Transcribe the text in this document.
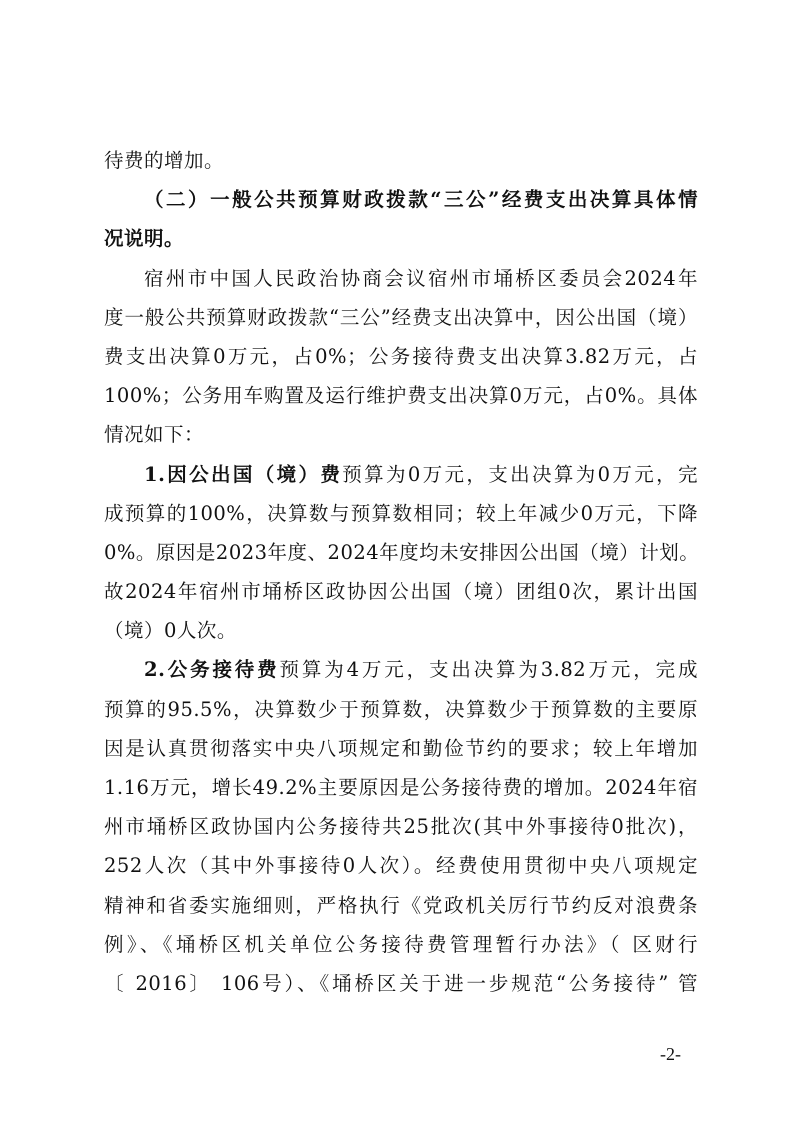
待费的增加。
（二）一般公共预算财政拨款“三公”经费支出决算具体情
况说明。
宿州市中国人民政治协商会议宿州市埇桥区委员会2024年
度一般公共预算财政拨款“三公”经费支出决算中，因公出国（境）
费支出决算0万元，占0%；公务接待费支出决算3.82万元，占
100%；公务用车购置及运行维护费支出决算0万元，占0%。具体
情况如下：
1.因公出国（境）费预算为0万元，支出决算为0万元，完
成预算的100%，决算数与预算数相同；较上年减少0万元，下降
0%。原因是2023年度、2024年度均未安排因公出国（境）计划。
故2024年宿州市埇桥区政协因公出国（境）团组0次，累计出国
（境）0人次。
2.公务接待费预算为4万元，支出决算为3.82万元，完成
预算的95.5%，决算数少于预算数，决算数少于预算数的主要原
因是认真贯彻落实中央八项规定和勤俭节约的要求；较上年增加
1.16万元，增长49.2%主要原因是公务接待费的增加。2024年宿
州市埇桥区政协国内公务接待共25批次(其中外事接待0批次)，
252人次（其中外事接待0人次）。经费使用贯彻中央八项规定
精神和省委实施细则，严格执行《党政机关厉行节约反对浪费条
例》、《埇桥区机关单位公务接待费管理暂行办法》（ 区财行
〔 2016〕 106号）、《埇桥区关于进一步规范“公务接待” 管
-2-
